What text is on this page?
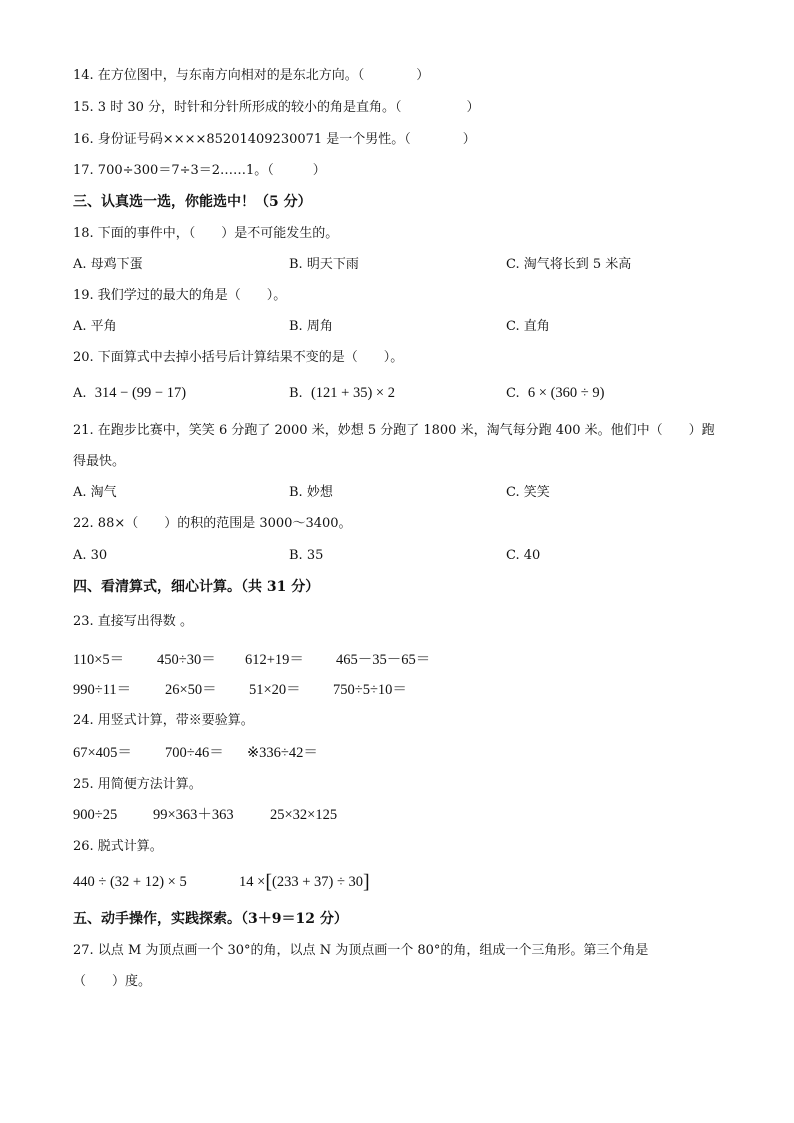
14. 在方位图中，与东南方向相对的是东北方向。（　　　　）
15. 3 时 30 分，时针和分针所形成的较小的角是直角。（　　　　　）
16. 身份证号码××××85201409230071 是一个男性。（　　　　）
17. 700÷300＝7÷3＝2……1。（　　　）
三、认真选一选，你能选中！（5 分）
18. 下面的事件中，（　　）是不可能发生的。
A. 母鸡下蛋	B. 明天下雨	C. 淘气将长到 5 米高
19. 我们学过的最大的角是（　　）。
A. 平角	B. 周角	C. 直角
20. 下面算式中去掉小括号后计算结果不变的是（　　）。
A. 314 − (99 − 17)	B. (121 + 35) × 2	C. 6 × (360 ÷ 9)
21. 在跑步比赛中，笑笑 6 分跑了 2000 米，妙想 5 分跑了 1800 米，淘气每分跑 400 米。他们中（　　）跑
得最快。
A. 淘气	B. 妙想	C. 笑笑
22. 88×（　　）的积的范围是 3000～3400。
A. 30	B. 35	C. 40
四、看清算式，细心计算。（共 31 分）
23. 直接写出得数 。
110×5＝ 450÷30＝ 612+19＝ 465－35－65＝
990÷11＝ 26×50＝ 51×20＝ 750÷5÷10＝
24. 用竖式计算，带※要验算。
67×405＝ 700÷46＝ ※336÷42＝
25. 用简便方法计算。
900÷25 99×363＋363	25×32×125
26. 脱式计算。
440 ÷ (32 + 12) × 5	14 ×[(233 + 37) ÷ 30]
五、动手操作，实践探索。（3＋9＝12 分）
27. 以点 M 为顶点画一个 30°的角，以点 N 为顶点画一个 80°的角，组成一个三角形。第三个角是
（　　）度。
